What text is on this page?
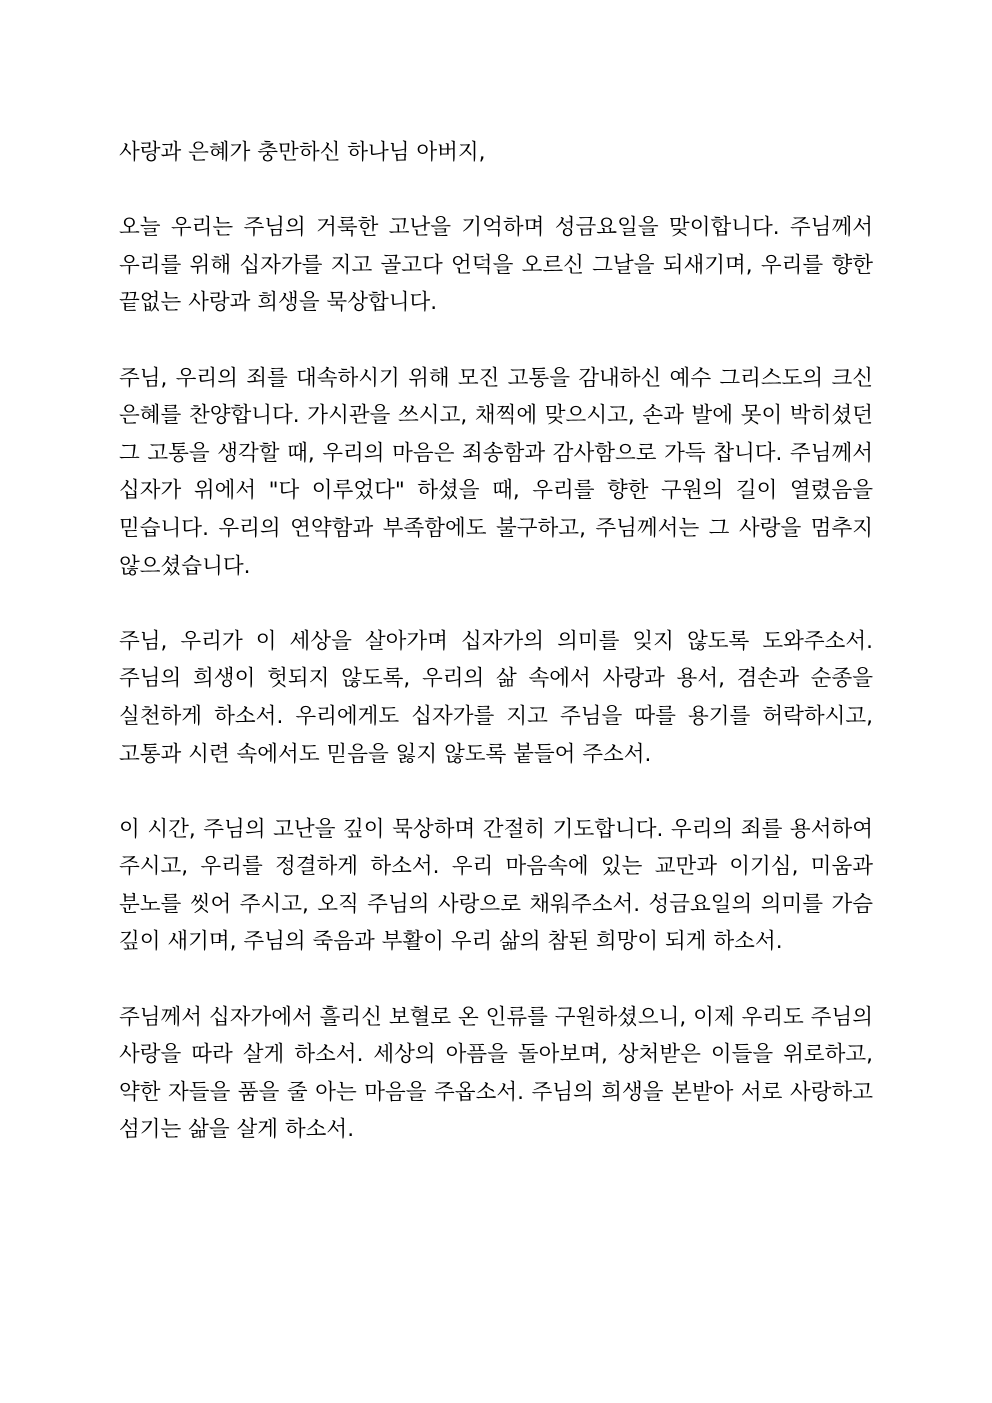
사랑과 은혜가 충만하신 하나님 아버지,

오늘 우리는 주님의 거룩한 고난을 기억하며 성금요일을 맞이합니다. 주님께서 우리를 위해 십자가를 지고 골고다 언덕을 오르신 그날을 되새기며, 우리를 향한 끝없는 사랑과 희생을 묵상합니다.

주님, 우리의 죄를 대속하시기 위해 모진 고통을 감내하신 예수 그리스도의 크신 은혜를 찬양합니다. 가시관을 쓰시고, 채찍에 맞으시고, 손과 발에 못이 박히셨던 그 고통을 생각할 때, 우리의 마음은 죄송함과 감사함으로 가득 찹니다. 주님께서 십자가 위에서 "다 이루었다" 하셨을 때, 우리를 향한 구원의 길이 열렸음을 믿습니다. 우리의 연약함과 부족함에도 불구하고, 주님께서는 그 사랑을 멈추지 않으셨습니다.

주님, 우리가 이 세상을 살아가며 십자가의 의미를 잊지 않도록 도와주소서. 주님의 희생이 헛되지 않도록, 우리의 삶 속에서 사랑과 용서, 겸손과 순종을 실천하게 하소서. 우리에게도 십자가를 지고 주님을 따를 용기를 허락하시고, 고통과 시련 속에서도 믿음을 잃지 않도록 붙들어 주소서.

이 시간, 주님의 고난을 깊이 묵상하며 간절히 기도합니다. 우리의 죄를 용서하여 주시고, 우리를 정결하게 하소서. 우리 마음속에 있는 교만과 이기심, 미움과 분노를 씻어 주시고, 오직 주님의 사랑으로 채워주소서. 성금요일의 의미를 가슴 깊이 새기며, 주님의 죽음과 부활이 우리 삶의 참된 희망이 되게 하소서.

주님께서 십자가에서 흘리신 보혈로 온 인류를 구원하셨으니, 이제 우리도 주님의 사랑을 따라 살게 하소서. 세상의 아픔을 돌아보며, 상처받은 이들을 위로하고, 약한 자들을 품을 줄 아는 마음을 주옵소서. 주님의 희생을 본받아 서로 사랑하고 섬기는 삶을 살게 하소서.
